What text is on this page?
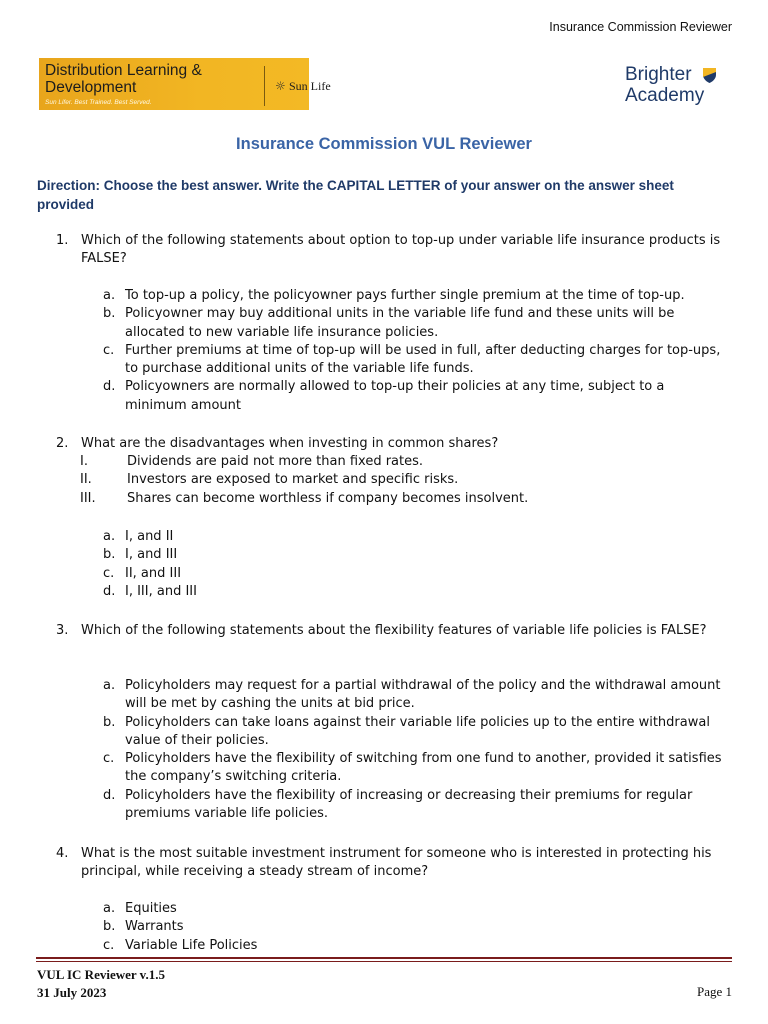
Insurance Commission Reviewer
Distribution Learning &
Development	☼ Sun Life
Sun Lifer. Best Trained. Best Served.
Brighter
Academy
Insurance Commission VUL Reviewer
Direction: Choose the best answer. Write the CAPITAL LETTER of your answer on the answer sheet provided
1. Which of the following statements about option to top-up under variable life insurance products is FALSE?
a. To top-up a policy, the policyowner pays further single premium at the time of top-up.
b. Policyowner may buy additional units in the variable life fund and these units will be allocated to new variable life insurance policies.
c. Further premiums at time of top-up will be used in full, after deducting charges for top-ups, to purchase additional units of the variable life funds.
d. Policyowners are normally allowed to top-up their policies at any time, subject to a minimum amount
2. What are the disadvantages when investing in common shares?
I.	Dividends are paid not more than fixed rates.
II.	Investors are exposed to market and specific risks.
III. Shares can become worthless if company becomes insolvent.
a. I, and II
b. I, and III
c. II, and III
d. I, III, and III
3. Which of the following statements about the flexibility features of variable life policies is FALSE?
a. Policyholders may request for a partial withdrawal of the policy and the withdrawal amount will be met by cashing the units at bid price.
b. Policyholders can take loans against their variable life policies up to the entire withdrawal value of their policies.
c. Policyholders have the flexibility of switching from one fund to another, provided it satisfies the company’s switching criteria.
d. Policyholders have the flexibility of increasing or decreasing their premiums for regular premiums variable life policies.
4. What is the most suitable investment instrument for someone who is interested in protecting his principal, while receiving a steady stream of income?
a. Equities
b. Warrants
c. Variable Life Policies
VUL IC Reviewer v.1.5
31 July 2023	Page 1
